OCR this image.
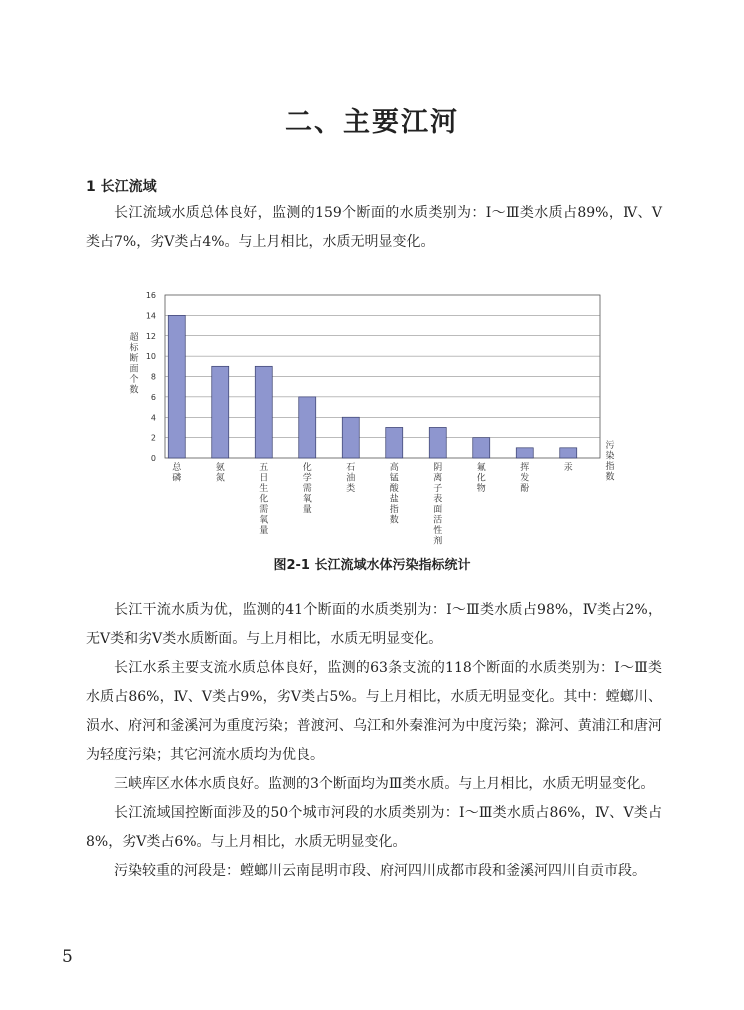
二、主要江河
1 长江流域

长江流域水质总体良好，监测的159个断面的水质类别为：Ⅰ～Ⅲ类水质占89%，Ⅳ、Ⅴ类占7%，劣Ⅴ类占4%。与上月相比，水质无明显变化。

0
2
4
6
8
10
12
14
16
总磷
氨氮
五日生化需氧量
化学需氧量
石油类
高锰酸盐指数
阴离子表面活性剂
氟化物
挥发酚
汞
超标断面个数
污染指数
图2-1 长江流域水体污染指标统计

长江干流水质为优，监测的41个断面的水质类别为：Ⅰ～Ⅲ类水质占98%，Ⅳ类占2%，无Ⅴ类和劣Ⅴ类水质断面。与上月相比，水质无明显变化。

长江水系主要支流水质总体良好，监测的63条支流的118个断面的水质类别为：Ⅰ～Ⅲ类水质占86%，Ⅳ、Ⅴ类占9%，劣Ⅴ类占5%。与上月相比，水质无明显变化。其中：螳螂川、涢水、府河和釜溪河为重度污染；普渡河、乌江和外秦淮河为中度污染；滁河、黄浦江和唐河为轻度污染；其它河流水质均为优良。

三峡库区水体水质良好。监测的3个断面均为Ⅲ类水质。与上月相比，水质无明显变化。

长江流域国控断面涉及的50个城市河段的水质类别为：Ⅰ～Ⅲ类水质占86%，Ⅳ、Ⅴ类占8%，劣Ⅴ类占6%。与上月相比，水质无明显变化。

污染较重的河段是：螳螂川云南昆明市段、府河四川成都市段和釜溪河四川自贡市段。

5
